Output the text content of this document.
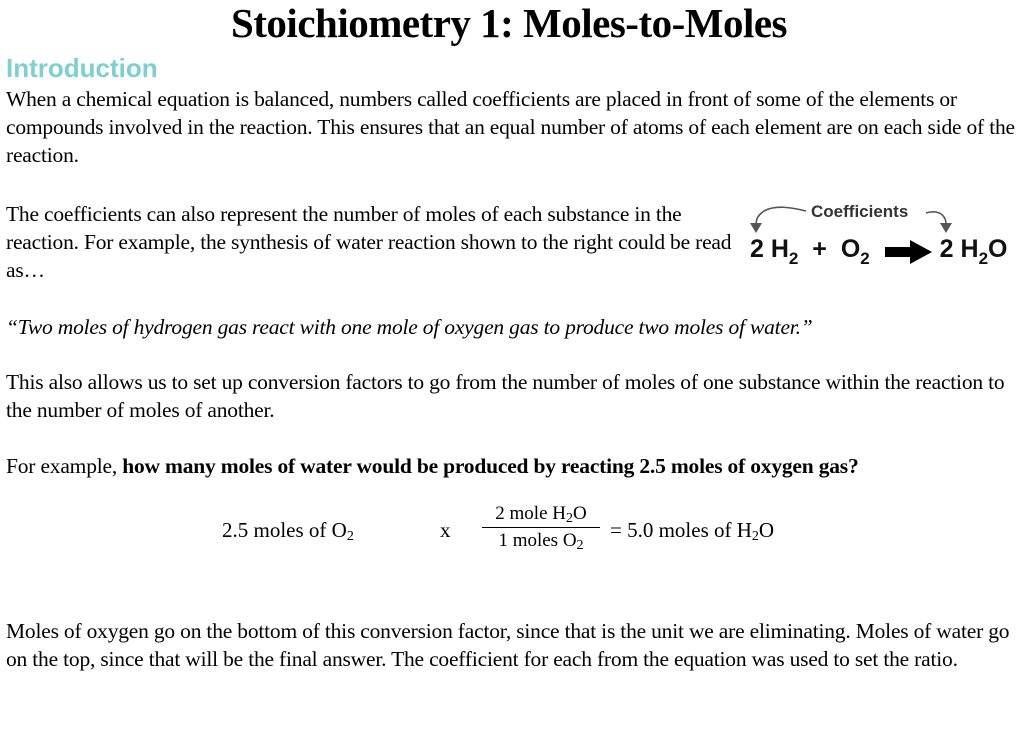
Stoichiometry 1: Moles-to-Moles
Introduction
When a chemical equation is balanced, numbers called coefficients are placed in front of some of the elements or compounds involved in the reaction. This ensures that an equal number of atoms of each element are on each side of the reaction.
The coefficients can also represent the number of moles of each substance in the reaction. For example, the synthesis of water reaction shown to the right could be read as…
Coefficients
2 $H_2 + O_2$	2 $H_2O$
“Two moles of hydrogen gas react with one mole of oxygen gas to produce two moles of water.”
This also allows us to set up conversion factors to go from the number of moles of one substance within the reaction to the number of moles of another.
For example, how many moles of water would be produced by reacting 2.5 moles of oxygen gas?
2.5 moles of $O_2$	x
2 mole $H_2O$
1 moles $O_2$
= 5.0 moles of $H_2O$
Moles of oxygen go on the bottom of this conversion factor, since that is the unit we are eliminating. Moles of water go on the top, since that will be the final answer. The coefficient for each from the equation was used to set the ratio.
